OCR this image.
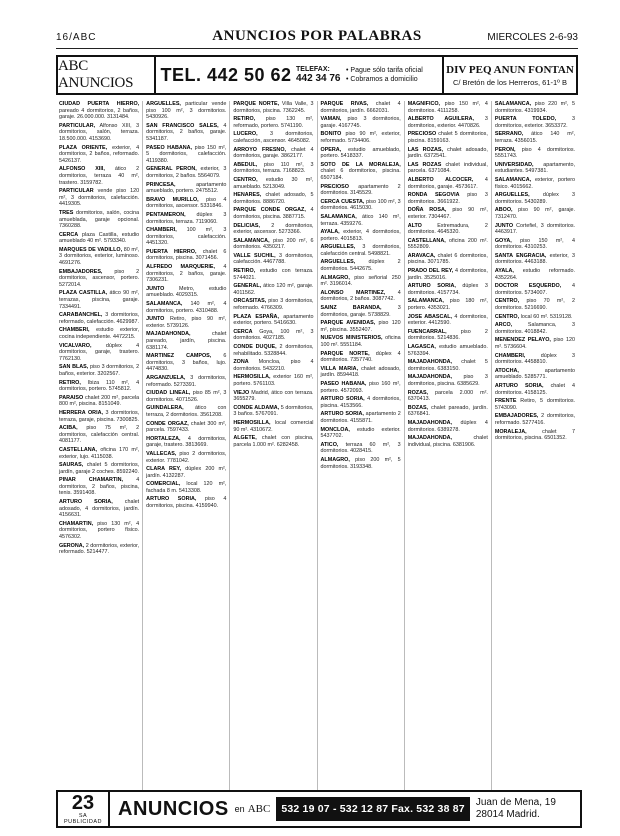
16/ABC	ANUNCIOS POR PALABRAS	MIERCOLES 2-6-93
ABC ANUNCIOS	TEL. 442 50 62 TELEFAX:
442 34 76
• Pague sólo tarifa oficial
• Cobramos a domicilio
DIV PEQ ANUN FONTAN
C/ Bretón de los Herreros, 61-1º B
CIUDAD PUERTA HIERRO, pareado 4 dormitorios, 2 baños, garaje. 26.000.000. 3131484.
PARTICULAR, Alfonso XIII, 3 dormitorios, salón, terraza. 18.500.000. 4153690.
PLAZA ORIENTE, exterior, 4 dormitorios, 2 baños, reformado. 5426137.
ALFONSO XIII, ático 2 dormitorios, terraza 40 m², trastero. 3159782.
PARTICULAR vende piso 120 m², 3 dormitorios, calefacción. 4419305.
TRES dormitorios, salón, cocina amueblada, garaje opcional. 7360288.
CERCA plaza Castilla, estudio amueblado 40 m². 5793340.
MARQUES DE VADILLO, 80 m², 3 dormitorios, exterior, luminoso. 4691276.
EMBAJADORES, piso 2 dormitorios, ascensor, portero. 5272014.
PLAZA CASTILLA, ático 90 m², terrazas, piscina, garaje. 7334491.
CARABANCHEL, 3 dormitorios, reformado, calefacción. 4629987.
CHAMBERI, estudio exterior, cocina independiente. 4472215.
VICALVARO,	dúplex 4 dormitorios, garaje, trastero. 7762130.
SAN BLAS, piso 3 dormitorios, 2 baños, exterior. 3202567.
RETIRO, Ibiza 110 m², 4 dormitorios, portero. 5745812.
PARAISO chalet 200 m², parcela 800 m², piscina. 8151049.
HERRERA ORIA, 3 dormitorios, terraza, garaje, piscina. 7300825.
ACIBA, piso 75 m², 2 dormitorios, calefacción central. 4081177.
CASTELLANA, oficina 170 m², exterior, lujo. 4115038.
SAURAS, chalet 5 dormitorios, jardín, garaje 2 coches. 8592240.
PINAR CHAMARTIN, 4 dormitorios, 2 baños, piscina, tenis. 3591408.
ARTURO SORIA, chalet adosado, 4 dormitorios, jardín. 4156631.
CHAMARTIN, piso 130 m², 4 dormitorios, portero físico. 4576302.
GERONA, 2 dormitorios, exterior, reformado. 5214477.
ARGUELLES, particular vende piso 100 m², 3 dormitorios. 5430926.
SAN FRANCISCO SALES, 4 dormitorios, 2 baños, garaje. 5341187.
PASEO HABANA, piso 150 m², 5 dormitorios, calefacción. 4119380.
GENERAL PERON, exterior, 3 dormitorios, 2 baños. 5564079.
PRINCESA,	apartamento amueblado, portero. 2475512.
BRAVO MURILLO, piso 4 dormitorios, ascensor. 5331846.
PENTAMERON, dúplex 3 dormitorios, terraza. 7119060.
CHAMBERI, 100 m², 3 dormitorios, calefacción. 4451320.
PUERTA HIERRO, chalet 6 dormitorios, piscina. 3071456.
ALFREDO MARQUERIE, 4 dormitorios, 2 baños, garaje. 7306231.
JUNTO	Metro, estudio amueblado. 4029315.
SALAMANCA, 140 m², 4 dormitorios, portero. 4310488.
JUNTO Retiro, piso 90 m², exterior. 5739126.
MAJADAHONDA,	chalet pareado, jardín, piscina. 6381174.
MARTINEZ CAMPOS, 6 dormitorios, 3 baños, lujo. 4474830.
ARGANZUELA, 3 dormitorios, reformado. 5273391.
CIUDAD LINEAL, piso 85 m², 3 dormitorios. 4071526.
GUINDALERA, ático con terraza, 2 dormitorios. 3561208.
CONDE ORGAZ, chalet 300 m², parcela. 7597433.
HORTALEZA, 4 dormitorios, garaje, trastero. 3813669.
VALLECAS, piso 2 dormitorios, exterior. 7781042.
CLARA REY, dúplex 200 m², jardín. 4132287.
COMERCIAL, local 120 m², fachada 8 m. 5413308.
ARTURO SORIA, piso 4 dormitorios, piscina. 4159940.
PARQUE NORTE, Villa Valle, 3 dormitorios, piscina. 7362245.
RETIRO, piso 130 m², reformado, portero. 5741190.
LUCERO, 3 dormitorios, calefacción, ascensor. 4645082.
ARROYO FRESNO, chalet 4 dormitorios, garaje. 3862177.
ABEDUL, piso 110 m², 3 dormitorios, terraza. 7168823.
CENTRO, estudio 30 m², amueblado. 5213049.
HENARES, chalet adosado, 5 dormitorios. 8886720.
PARQUE CONDE ORGAZ, 4 dormitorios, piscina. 3887715.
DELICIAS, 2 dormitorios, exterior, ascensor. 5273366.
SALAMANCA, piso 200 m², 6 dormitorios. 4350217.
VALLE SUCHIL, 3 dormitorios, calefacción. 4467788.
RETIRO, estudio con terraza. 5744021.
GENERAL, ático 120 m², garaje. 4011562.
ORCASITAS, piso 3 dormitorios, reformado. 4766309.
PLAZA ESPAÑA, apartamento exterior, portero. 5416630.
CERCA Goya, 100 m², 3 dormitorios. 4027185.
CONDE DUQUE, 2 dormitorios, rehabilitado. 5328844.
ZONA Moncloa, piso 4 dormitorios. 5432210.
HERMOSILLA, exterior 160 m², portero. 5761103.
VIEJO Madrid, ático con terraza. 3655279.
CONDE ALDAMA, 5 dormitorios, 3 baños. 5767091.
HERMOSILLA, local comercial 90 m². 4310672.
ALGETE, chalet con piscina, parcela 1.000 m². 6282458.
PARQUE RIVAS, chalet 4 dormitorios, jardín. 6662031.
VAMAN, piso 3 dormitorios, garaje. 4167745.
BONITO piso 90 m², exterior, reformado. 5734406.
OPERA, estudio amueblado, portero. 5418337.
SOTO DE LA MORALEJA, chalet 6 dormitorios, piscina. 6507184.
PRECIOSO apartamento 2 dormitorios. 3145529.
CERCA CUESTA, piso 100 m², 3 dormitorios. 4615030.
SALAMANCA, ático 140 m², terraza. 4359276.
AYALA, exterior, 4 dormitorios, portero. 4015813.
ARGUELLES, 3 dormitorios, calefacción central. 5498821.
ARGUELLES, dúplex 2 dormitorios. 5442675.
ALMAGRO, piso señorial 250 m². 3196014.
ALONSO MARTINEZ, 4 dormitorios, 2 baños. 3087742.
SAINZ BARANDA,	3 dormitorios, garaje. 5738829.
PARQUE AVENIDAS, piso 120 m², piscina. 3552407.
NUEVOS MINISTERIOS, oficina 100 m². 5551184.
PARQUE NORTE, dúplex 4 dormitorios. 7357740.
VILLA MARIA, chalet adosado, jardín. 8594418.
PASEO HABANA, piso 160 m², portero. 4572093.
ARTURO SORIA, 4 dormitorios, piscina. 4153566.
ARTURO SORIA, apartamento 2 dormitorios. 4155871.
MONCLOA, estudio exterior. 5437702.
ATICO, terraza 60 m², 3 dormitorios. 4028415.
ALMAGRO, piso 200 m², 5 dormitorios. 3193348.
MAGNIFICO, piso 150 m², 4 dormitorios. 4111258.
ALBERTO AGUILERA, 3 dormitorios, exterior. 4470826.
PRECIOSO chalet 5 dormitorios, piscina. 8159163.
LAS ROZAS, chalet adosado, jardín. 6372541.
LAS ROZAS chalet individual, parcela. 6371084.
ALBERTO ALCOCER, 4 dormitorios, garaje. 4573617.
RONDA SEGOVIA piso 3 dormitorios. 3661922.
DOÑA ROSA, piso 90 m², exterior. 7304467.
ALTO	Extremadura, 2 dormitorios. 4645320.
CASTELLANA, oficina 200 m². 5552809.
ARAVACA, chalet 6 dormitorios, piscina. 3071785.
PRADO DEL REY, 4 dormitorios, jardín. 3525016.
ARTURO SORIA, dúplex 3 dormitorios. 4157734.
SALAMANCA, piso 180 m², portero. 4353021.
JOSE ABASCAL, 4 dormitorios, exterior. 4412590.
FUENCARRAL,	piso 2 dormitorios. 5214836.
LAGASCA, estudio amueblado. 5763394.
MAJADAHONDA, chalet 5 dormitorios. 6383150.
MAJADAHONDA, piso 3 dormitorios, piscina. 6385629.
ROZAS, parcela 2.000 m². 6370413.
BOZAS, chalet pareado, jardín. 6376841.
MAJADAHONDA, dúplex 4 dormitorios. 6389278.
MAJADAHONDA,	chalet individual, piscina. 6381906.
SALAMANCA, piso 220 m², 5 dormitorios. 4319934.
PUERTA TOLEDO,	3 dormitorios, exterior. 3653372.
SERRANO, ático 140 m², terraza. 4356015.
PERON, piso 4 dormitorios. 5551743.
UNIVERSIDAD, apartamento, estudiantes. 5497381.
SALAMANCA, exterior, portero físico. 4015662.
ARGUELLES, dúplex 3 dormitorios. 5430289.
ABOO, piso 90 m², garaje. 7312470.
JUNTO Cortefiel, 3 dormitorios. 4463917.
GOYA, piso 150 m², 4 dormitorios. 4310253.
SANTA ENGRACIA, exterior, 3 dormitorios. 4463188.
AYALA, estudio reformado. 4352264.
DOCTOR ESQUERDO, 4 dormitorios. 5734007.
CENTRO, piso 70 m², 2 dormitorios. 5216690.
CENTRO, local 60 m². 5319128.
ARCO,	Salamanca, 3 dormitorios. 4018842.
MENENDEZ PELAYO, piso 120 m². 5736604.
CHAMBERI,	dúplex 3 dormitorios. 4458810.
ATOCHA,	apartamento amueblado. 5285771.
ARTURO SORIA, chalet 4 dormitorios. 4158125.
FRENTE Retiro, 5 dormitorios. 5743090.
EMBAJADORES, 2 dormitorios, reformado. 5277416.
MORALEJA,	chalet 7 dormitorios, piscina. 6501352.
23
SA
PUBLICIDAD
ANUNCIOS en ABC	532 19 07 - 532 12 87 Fax. 532 38 87
Juan de Mena, 19
28014 Madrid.
